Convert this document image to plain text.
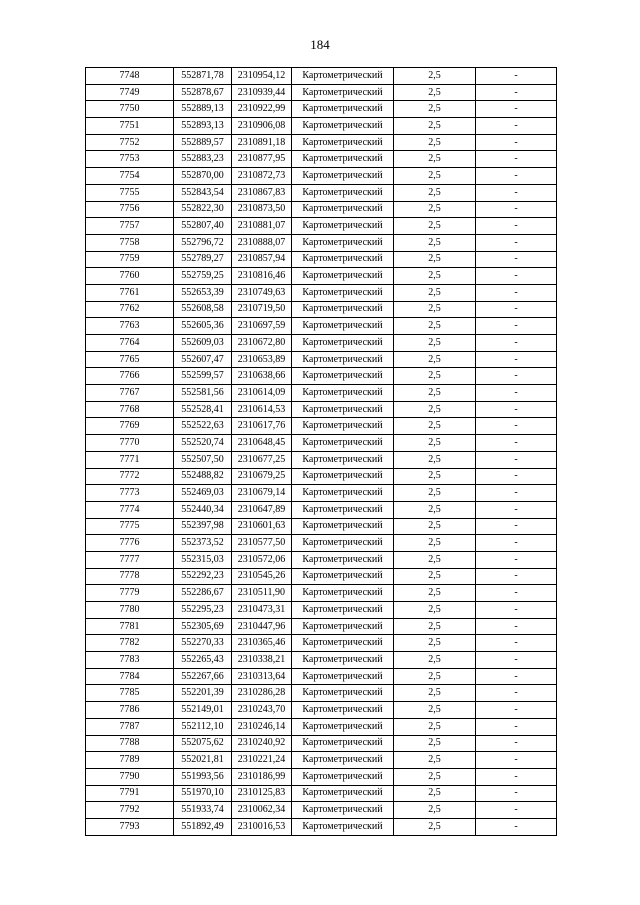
184
7748	552871,78	2310954,12	Картометрический	2,5	-
7749	552878,67	2310939,44	Картометрический	2,5	-
7750	552889,13	2310922,99	Картометрический	2,5	-
7751	552893,13	2310906,08	Картометрический	2,5	-
7752	552889,57	2310891,18	Картометрический	2,5	-
7753	552883,23	2310877,95	Картометрический	2,5	-
7754	552870,00	2310872,73	Картометрический	2,5	-
7755	552843,54	2310867,83	Картометрический	2,5	-
7756	552822,30	2310873,50	Картометрический	2,5	-
7757	552807,40	2310881,07	Картометрический	2,5	-
7758	552796,72	2310888,07	Картометрический	2,5	-
7759	552789,27	2310857,94	Картометрический	2,5	-
7760	552759,25	2310816,46	Картометрический	2,5	-
7761	552653,39	2310749,63	Картометрический	2,5	-
7762	552608,58	2310719,50	Картометрический	2,5	-
7763	552605,36	2310697,59	Картометрический	2,5	-
7764	552609,03	2310672,80	Картометрический	2,5	-
7765	552607,47	2310653,89	Картометрический	2,5	-
7766	552599,57	2310638,66	Картометрический	2,5	-
7767	552581,56	2310614,09	Картометрический	2,5	-
7768	552528,41	2310614,53	Картометрический	2,5	-
7769	552522,63	2310617,76	Картометрический	2,5	-
7770	552520,74	2310648,45	Картометрический	2,5	-
7771	552507,50	2310677,25	Картометрический	2,5	-
7772	552488,82	2310679,25	Картометрический	2,5	-
7773	552469,03	2310679,14	Картометрический	2,5	-
7774	552440,34	2310647,89	Картометрический	2,5	-
7775	552397,98	2310601,63	Картометрический	2,5	-
7776	552373,52	2310577,50	Картометрический	2,5	-
7777	552315,03	2310572,06	Картометрический	2,5	-
7778	552292,23	2310545,26	Картометрический	2,5	-
7779	552286,67	2310511,90	Картометрический	2,5	-
7780	552295,23	2310473,31	Картометрический	2,5	-
7781	552305,69	2310447,96	Картометрический	2,5	-
7782	552270,33	2310365,46	Картометрический	2,5	-
7783	552265,43	2310338,21	Картометрический	2,5	-
7784	552267,66	2310313,64	Картометрический	2,5	-
7785	552201,39	2310286,28	Картометрический	2,5	-
7786	552149,01	2310243,70	Картометрический	2,5	-
7787	552112,10	2310246,14	Картометрический	2,5	-
7788	552075,62	2310240,92	Картометрический	2,5	-
7789	552021,81	2310221,24	Картометрический	2,5	-
7790	551993,56	2310186,99	Картометрический	2,5	-
7791	551970,10	2310125,83	Картометрический	2,5	-
7792	551933,74	2310062,34	Картометрический	2,5	-
7793	551892,49	2310016,53	Картометрический	2,5	-
